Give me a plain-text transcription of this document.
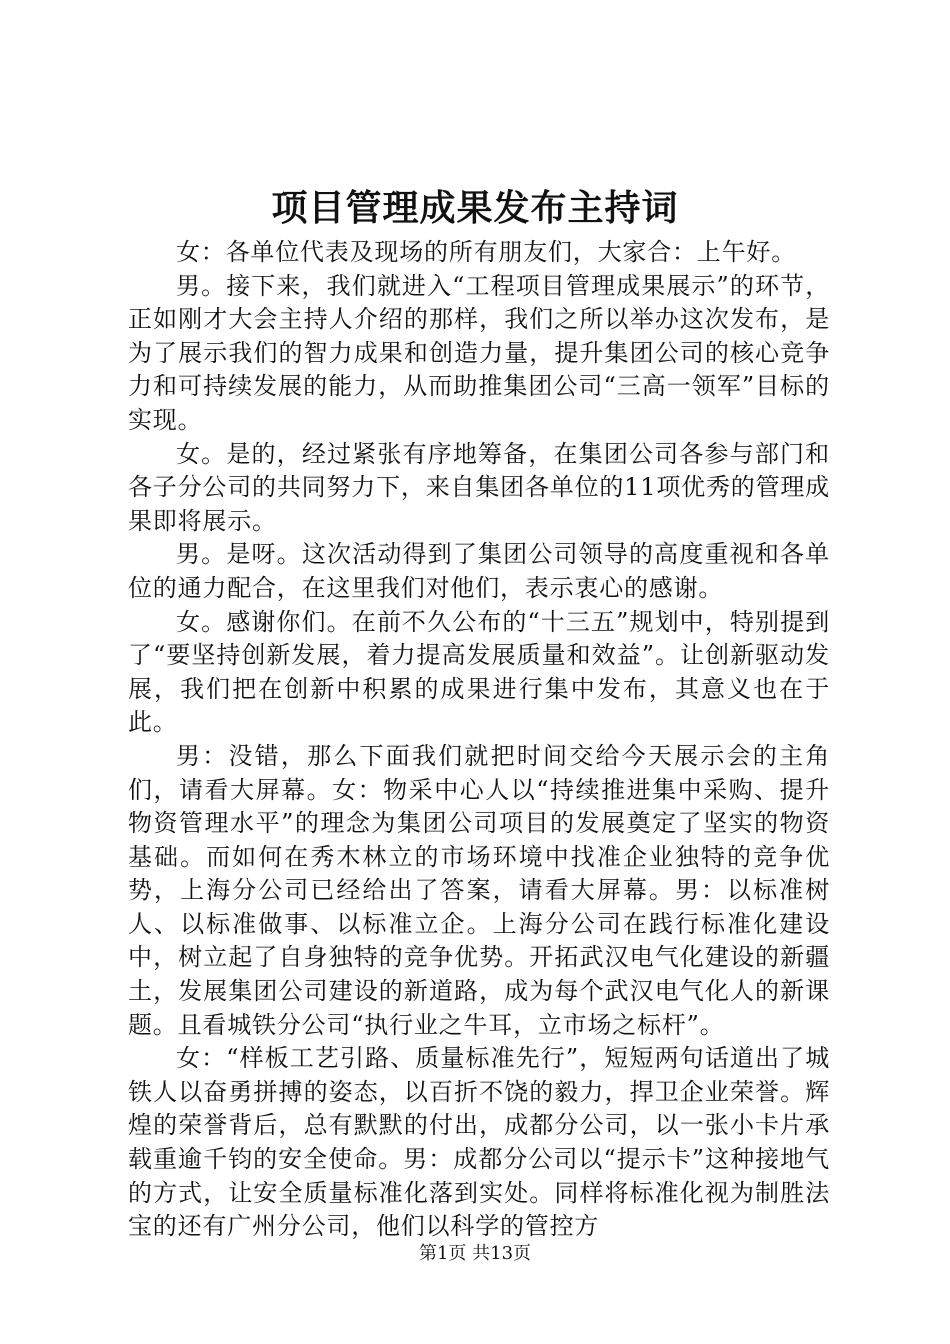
项目管理成果发布主持词

女：各单位代表及现场的所有朋友们，大家合：上午好。

男。接下来，我们就进入“工程项目管理成果展示”的环节，正如刚才大会主持人介绍的那样，我们之所以举办这次发布，是为了展示我们的智力成果和创造力量，提升集团公司的核心竞争力和可持续发展的能力，从而助推集团公司“三高一领军”目标的实现。

女。是的，经过紧张有序地筹备，在集团公司各参与部门和各子分公司的共同努力下，来自集团各单位的11项优秀的管理成果即将展示。

男。是呀。这次活动得到了集团公司领导的高度重视和各单位的通力配合，在这里我们对他们，表示衷心的感谢。

女。感谢你们。在前不久公布的“十三五”规划中，特别提到了“要坚持创新发展，着力提高发展质量和效益”。让创新驱动发展，我们把在创新中积累的成果进行集中发布，其意义也在于此。

男：没错，那么下面我们就把时间交给今天展示会的主角们，请看大屏幕。女：物采中心人以“持续推进集中采购、提升物资管理水平”的理念为集团公司项目的发展奠定了坚实的物资基础。而如何在秀木林立的市场环境中找准企业独特的竞争优势，上海分公司已经给出了答案，请看大屏幕。男：以标准树人、以标准做事、以标准立企。上海分公司在践行标准化建设中，树立起了自身独特的竞争优势。开拓武汉电气化建设的新疆土，发展集团公司建设的新道路，成为每个武汉电气化人的新课题。且看城铁分公司“执行业之牛耳，立市场之标杆”。

女：“样板工艺引路、质量标准先行”，短短两句话道出了城铁人以奋勇拼搏的姿态，以百折不饶的毅力，捍卫企业荣誉。辉煌的荣誉背后，总有默默的付出，成都分公司，以一张小卡片承载重逾千钧的安全使命。男：成都分公司以“提示卡”这种接地气的方式，让安全质量标准化落到实处。同样将标准化视为制胜法宝的还有广州分公司，他们以科学的管控方

第1页 共13页
